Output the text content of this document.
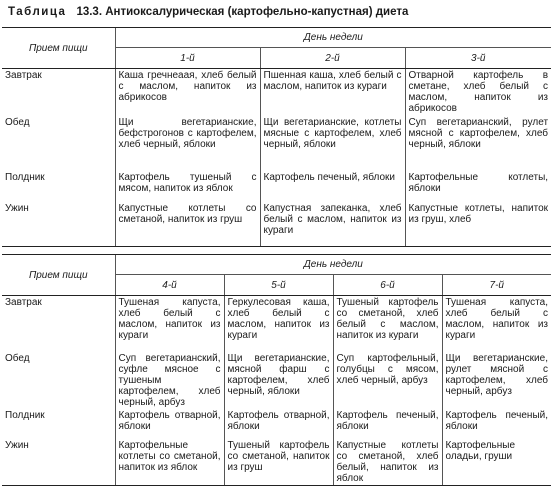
Таблица 13.3. Антиоксалурическая (картофельно-капустная) диета
Прием пищи	День недели		
	1-й	2-й	3-й
Завтрак	Каша гречнеаая, хлеб белый с маслом, напиток из абрикосов	Пшенная каша, хлеб белый с маслом, напиток из кураги	Отварной картофель в сметане, хлеб белый с маслом, напиток из абрикосов
Обед	Щи вегетарианские, бефстрогонов с картофелем, хлеб черный, яблоки	Щи вегетарианские, котлеты мясные с картофелем, хлеб черный, яблоки	Суп вегетарианский, рулет мясной с картофелем, хлеб черный, яблоки
Полдник	Картофель тушеный с мясом, напиток из яблок	Картофель печеный, яблоки	Картофельные котлеты, яблоки
Ужин	Капустные котлеты со сметаной, напиток из груш	Капустная запеканка, хлеб белый с маслом, напиток из кураги	Капустные котлеты, напиток из груш, хлеб
Прием пищи	День недели			
	4-й	5-й	6-й	7-й
Завтрак	Тушеная капуста, хлеб белый с маслом, напиток из кураги	Геркулесовая каша, хлеб белый с маслом, напиток из кураги	Тушеный картофель со сметаной, хлеб белый с маслом, напиток из кураги	Тушеная капуста, хлеб белый с маслом, напиток из кураги
Обед	Суп вегетарианский, суфле мясное с тушеным картофелем, хлеб черный, арбуз	Щи вегетарианские, мясной фарш с картофелем, хлеб черный, яблоки	Суп картофельный, голубцы с мясом, хлеб черный, арбуз	Щи вегетарианские, рулет мясной с картофелем, хлеб черный, арбуз
Полдник	Картофель отварной, яблоки	Картофель отварной, яблоки	Картофель печеный, яблоки	Картофель печеный, яблоки
Ужин	Картофельные котлеты со сметаной, напиток из яблок	Тушеный картофель со сметаной, напиток из груш	Капустные котлеты со сметаной, хлеб белый, напиток из яблок	Картофельные оладьи, груши
